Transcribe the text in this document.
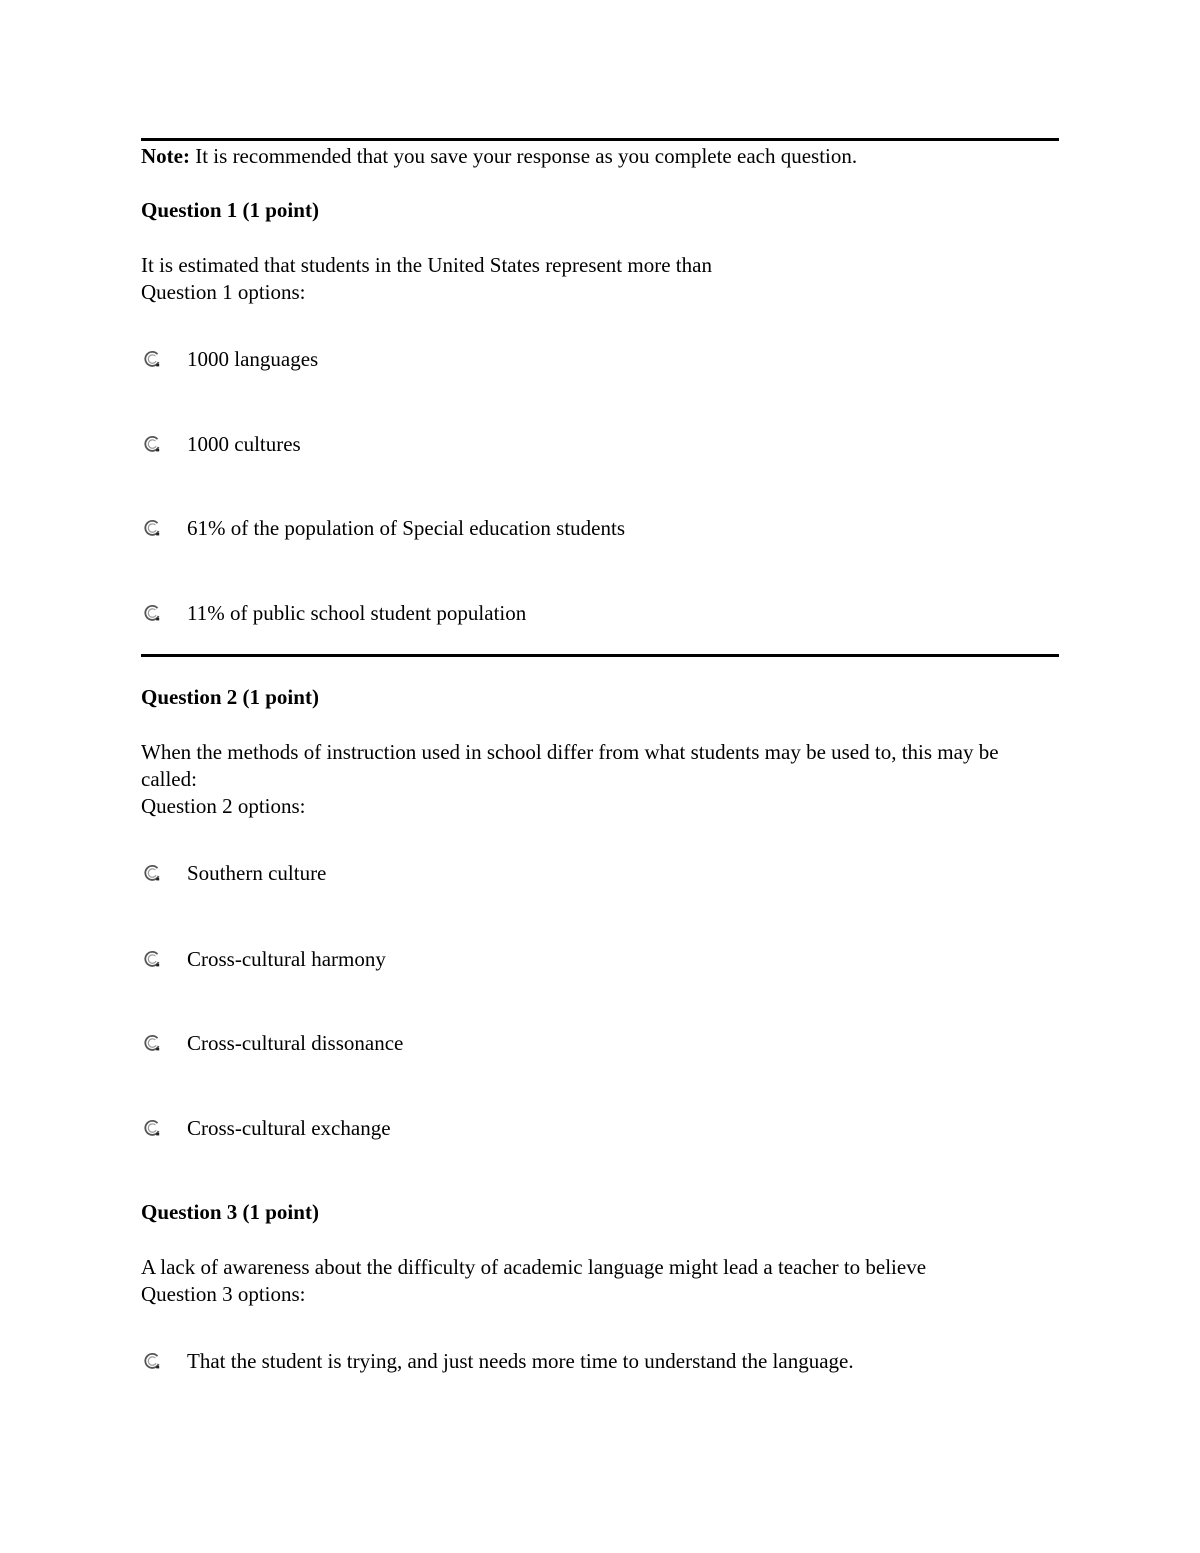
Note: It is recommended that you save your response as you complete each question.
Question 1 (1 point)
It is estimated that students in the United States represent more than
Question 1 options:
1000 languages
1000 cultures
61% of the population of Special education students
11% of public school student population
Question 2 (1 point)
When the methods of instruction used in school differ from what students may be used to, this may be called:
Question 2 options:
Southern culture
Cross-cultural harmony
Cross-cultural dissonance
Cross-cultural exchange
Question 3 (1 point)
A lack of awareness about the difficulty of academic language might lead a teacher to believe
Question 3 options:
That the student is trying, and just needs more time to understand the language.
